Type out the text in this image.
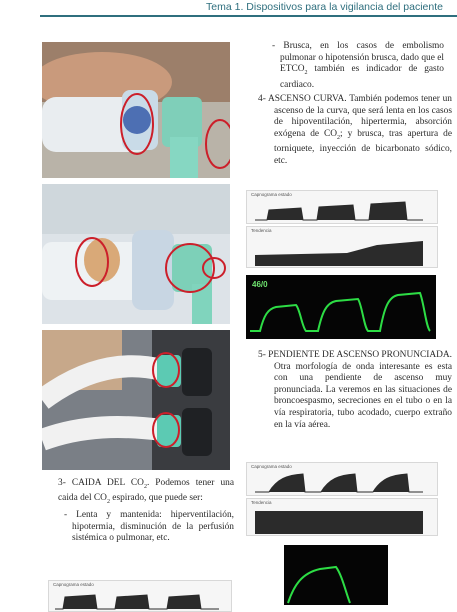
Tema 1. Dispositivos para la vigilancia del paciente

3- CAIDA DEL $CO_2$. Podemos tener una caida del $CO_2$ espirado, que puede ser:

- Lenta y mantenida: hiperventilación, hipotermia, disminución de la perfusión sistémica o pulmonar, etc.

Capnograma estado
- Brusca, en los casos de embolismo pulmonar o hipotensión brusca, dado que el $ETCO_2$ también es indicador de gasto cardiaco.
4- ASCENSO CURVA. También podemos tener un ascenso de la curva, que será lenta en los casos de hipoventilación, hipertermia, absorción exógena de $CO_2$; y brusca, tras apertura de torniquete, inyección de bicarbonato sódico, etc.
Capnograma estado
Tendencia
46/0
5- PENDIENTE DE ASCENSO PRONUNCIADA. Otra morfología de onda interesante es esta con una pendiente de ascenso muy pronunciada. La veremos en las situaciones de broncoespasmo, secreciones en el tubo o en la vía respiratoria, tubo acodado, cuerpo extraño en la vía aérea.
Capnograma estado
Tendencia
